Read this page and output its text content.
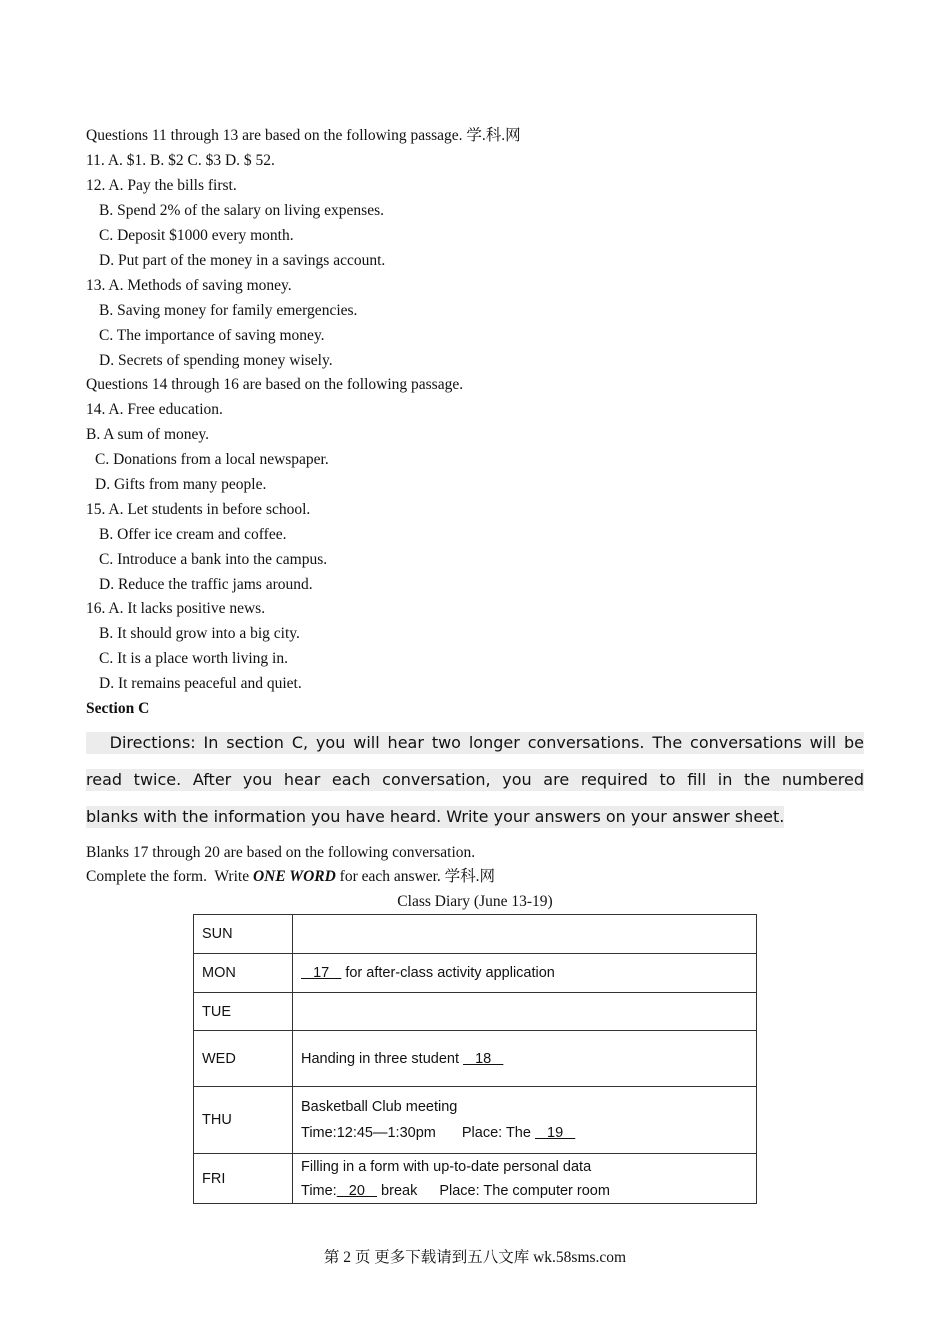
Questions 11 through 13 are based on the following passage. 学.科.网
11. A. $1. B. $2 C. $3 D. $ 52.
12. A. Pay the bills first.
B. Spend 2% of the salary on living expenses.
C. Deposit $1000 every month.
D. Put part of the money in a savings account.
13. A. Methods of saving money.
B. Saving money for family emergencies.
C. The importance of saving money.
D. Secrets of spending money wisely.
Questions 14 through 16 are based on the following passage.
14. A. Free education.
B. A sum of money.
C. Donations from a local newspaper.
D. Gifts from many people.
15. A. Let students in before school.
B. Offer ice cream and coffee.
C. Introduce a bank into the campus.
D. Reduce the traffic jams around.
16. A. It lacks positive news.
B. It should grow into a big city.
C. It is a place worth living in.
D. It remains peaceful and quiet.
Section C
Directions: In section C, you will hear two longer conversations. The conversations will be
read twice. After you hear each conversation, you are required to fill in the numbered
blanks with the information you have heard. Write your answers on your answer sheet.
Blanks 17 through 20 are based on the following conversation.
Complete the form.  Write ONE WORD for each answer. 学科.网
Class Diary (June 13-19)
SUN	
MON	17    for after-class activity application
TUE	
WED	Handing in three student    18
THU	Basketball Club meeting
Time:12:45—1:30pm Place: The    19

FRI	Filling in a form with up-to-date personal data
Time:   20    break Place: The computer room
第 2 页 更多下载请到五八文库 wk.58sms.com
